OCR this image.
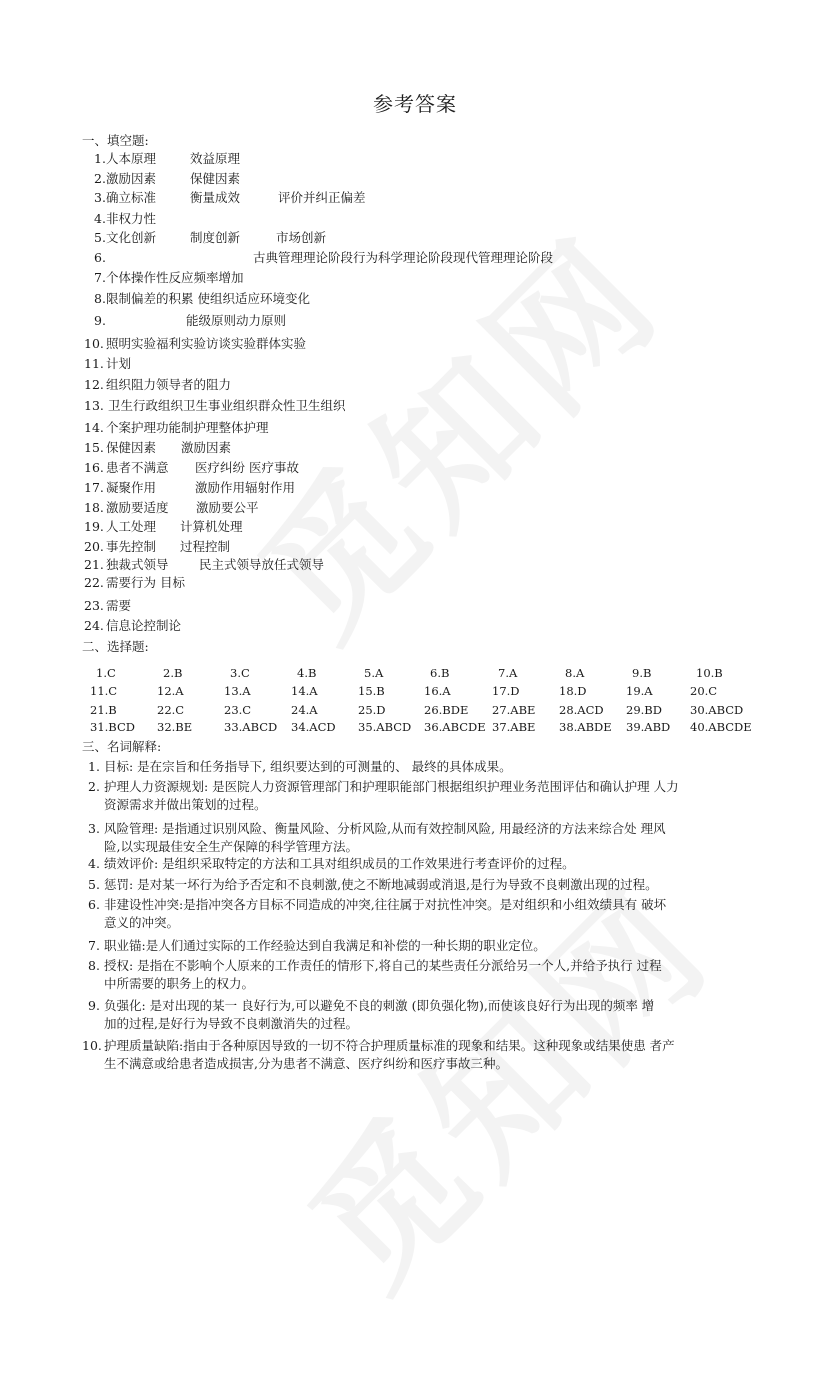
参考答案
一、填空题:
1. 人本原理	效益原理
2. 激励因素	保健因素
3. 确立标准	衡量成效	评价并纠正偏差
4. 非权力性
5. 文化创新	制度创新	市场创新
6.	古典管理理论阶段行为科学理论阶段现代管理理论阶段
7. 个体操作性反应频率增加
8. 限制偏差的积累 使组织适应环境变化
9.	能级原则动力原则
10. 照明实验福利实验访谈实验群体实验
11. 计划
12. 组织阻力领导者的阻力
13. 卫生行政组织卫生事业组织群众性卫生组织
14. 个案护理功能制护理整体护理
15. 保健因素 激励因素
16. 患者不满意 医疗纠纷 医疗事故
17. 凝聚作用	激励作用辐射作用
18. 激励要适度 激励要公平
19. 人工处理 计算机处理
20. 事先控制 过程控制
21. 独裁式领导 民主式领导放任式领导
22. 需要行为 目标
23. 需要
24. 信息论控制论
二、选择题:
1.C	2.B	3.C	4.B	5.A	6.B	7.A	8.A	9.B	10.B
11.C	12.A	13.A	14.A	15.B	16.A	17.D	18.D	19.A	20.C
21.B	22.C	23.C	24.A	25.D	26.BDE 27.ABE 28.ACD 29.BD 30.ABCD
31.BCD 32.BE	33.ABCD 34.ACD 35.ABCD 36.ABCDE 37.ABE 38.ABDE 39.ABD 40.ABCDE
三、名词解释:
1. 目标: 是在宗旨和任务指导下, 组织要达到的可测量的、 最终的具体成果。
2. 护理人力资源规划: 是医院人力资源管理部门和护理职能部门根据组织护理业务范围评估和确认护理 人力
资源需求并做出策划的过程。
3. 风险管理: 是指通过识别风险、衡量风险、分析风险,从而有效控制风险, 用最经济的方法来综合处 理风
险,以实现最佳安全生产保障的科学管理方法。
4. 绩效评价: 是组织采取特定的方法和工具对组织成员的工作效果进行考查评价的过程。
5. 惩罚: 是对某一坏行为给予否定和不良刺激,使之不断地减弱或消退,是行为导致不良刺激出现的过程。
6. 非建设性冲突:是指冲突各方目标不同造成的冲突,往往属于对抗性冲突。是对组织和小组效绩具有 破坏
意义的冲突。
7. 职业锚:是人们通过实际的工作经验达到自我满足和补偿的一种长期的职业定位。
8. 授权: 是指在不影响个人原来的工作责任的情形下,将自己的某些责任分派给另一个人,并给予执行 过程
中所需要的职务上的权力。
9. 负强化: 是对出现的某一 良好行为,可以避免不良的刺激 (即负强化物),而使该良好行为出现的频率 增
加的过程,是好行为导致不良刺激消失的过程。
10. 护理质量缺陷:指由于各种原因导致的一切不符合护理质量标准的现象和结果。这种现象或结果使患 者产
生不满意或给患者造成损害,分为患者不满意、医疗纠纷和医疗事故三种。
